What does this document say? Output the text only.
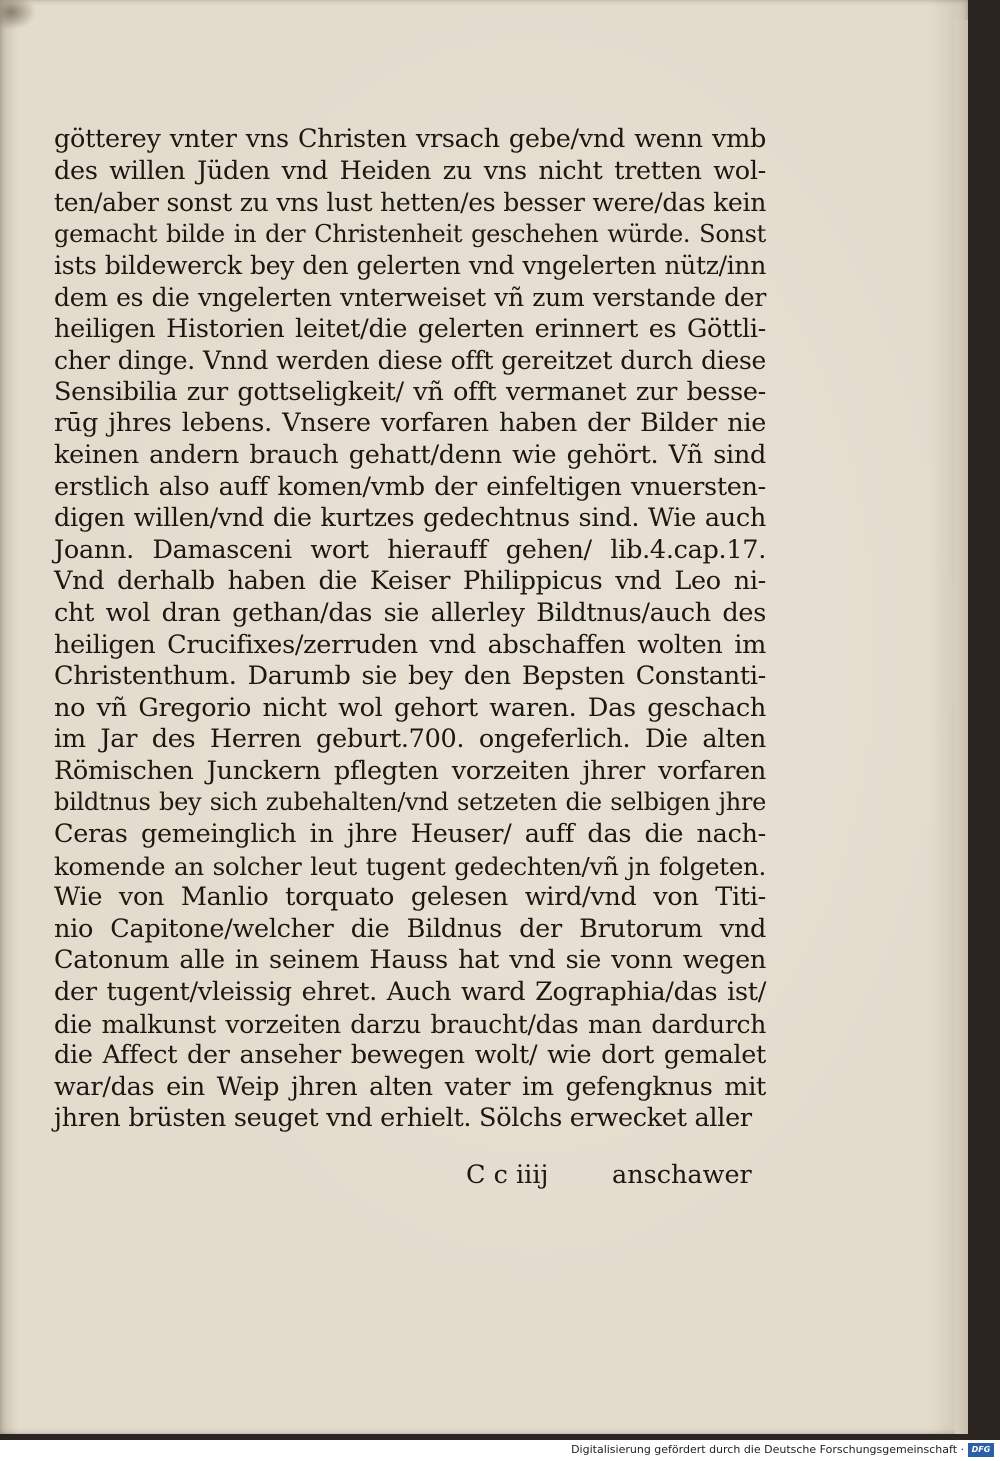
götterey vnter vns Christen vrsach gebe/vnd wenn vmb
des willen Jüden vnd Heiden zu vns nicht tretten wol-
ten/aber sonst zu vns lust hetten/es besser were/das kein
gemacht bilde in der Christenheit geschehen würde. Sonst
ists bildewerck bey den gelerten vnd vngelerten nütz/inn
dem es die vngelerten vnterweiset vñ zum verstande der
heiligen Historien leitet/die gelerten erinnert es Göttli-
cher dinge. Vnnd werden diese offt gereitzet durch diese
Sensibilia zur gottseligkeit/ vñ offt vermanet zur besse-
rūg jhres lebens. Vnsere vorfaren haben der Bilder nie
keinen andern brauch gehatt/denn wie gehört. Vñ sind
erstlich also auff komen/vmb der einfeltigen vnuersten-
digen willen/vnd die kurtzes gedechtnus sind. Wie auch
Joann. Damasceni wort hierauff gehen/ lib.4.cap.17.
Vnd derhalb haben die Keiser Philippicus vnd Leo ni-
cht wol dran gethan/das sie allerley Bildtnus/auch des
heiligen Crucifixes/zerruden vnd abschaffen wolten im
Christenthum. Darumb sie bey den Bepsten Constanti-
no vñ Gregorio nicht wol gehort waren. Das geschach
im Jar des Herren geburt.700. ongeferlich. Die alten
Römischen Junckern pflegten vorzeiten jhrer vorfaren
bildtnus bey sich zubehalten/vnd setzeten die selbigen jhre
Ceras gemeinglich in jhre Heuser/ auff das die nach-
komende an solcher leut tugent gedechten/vñ jn folgeten.
Wie von Manlio torquato gelesen wird/vnd von Titi-
nio Capitone/welcher die Bildnus der Brutorum vnd
Catonum alle in seinem Hauss hat vnd sie vonn wegen
der tugent/vleissig ehret. Auch ward Zographia/das ist/
die malkunst vorzeiten darzu braucht/das man dardurch
die Affect der anseher bewegen wolt/ wie dort gemalet
war/das ein Weip jhren alten vater im gefengknus mit
jhren brüsten seuget vnd erhielt. Sölchs erwecket aller
C c iiij	anschawer
Digitalisierung gefördert durch die Deutsche Forschungsgemeinschaft · DFG
